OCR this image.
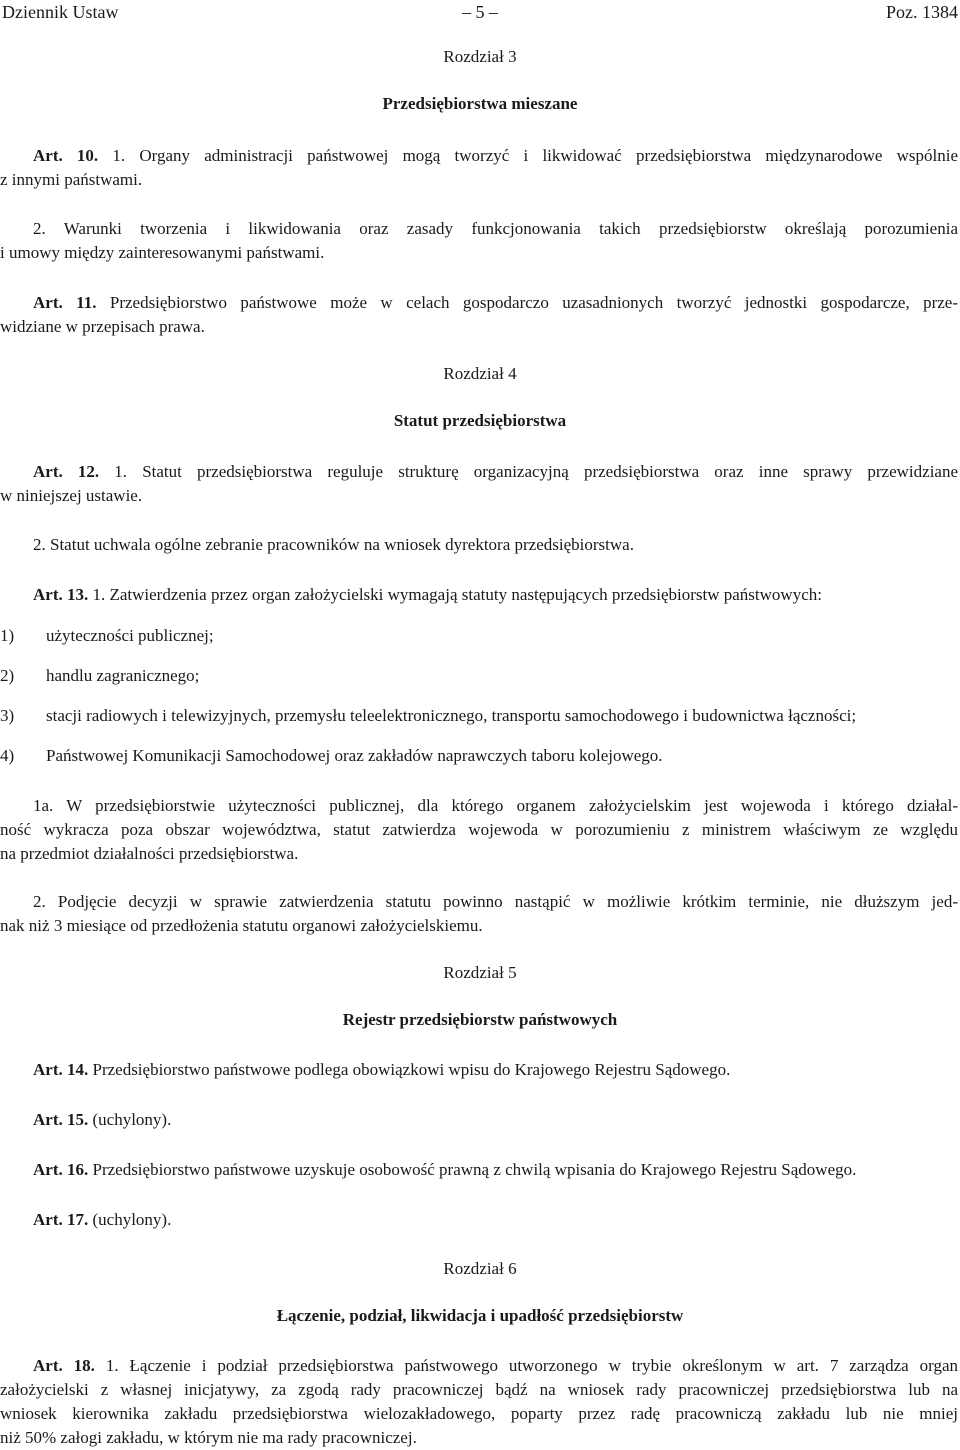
Dziennik Ustaw	– 5 –	Poz. 1384
Rozdział 3
Przedsiębiorstwa mieszane
Art. 10. 1. Organy administracji państwowej mogą tworzyć i likwidować przedsiębiorstwa międzynarodowe wspólnie
z innymi państwami.
2. Warunki tworzenia i likwidowania oraz zasady funkcjonowania takich przedsiębiorstw określają porozumienia
i umowy między zainteresowanymi państwami.
Art. 11. Przedsiębiorstwo państwowe może w celach gospodarczo uzasadnionych tworzyć jednostki gospodarcze, prze-
widziane w przepisach prawa.
Rozdział 4
Statut przedsiębiorstwa
Art. 12. 1. Statut przedsiębiorstwa reguluje strukturę organizacyjną przedsiębiorstwa oraz inne sprawy przewidziane
w niniejszej ustawie.
2. Statut uchwala ogólne zebranie pracowników na wniosek dyrektora przedsiębiorstwa.
Art. 13. 1. Zatwierdzenia przez organ założycielski wymagają statuty następujących przedsiębiorstw państwowych:
1) użyteczności publicznej;
2) handlu zagranicznego;
3) stacji radiowych i telewizyjnych, przemysłu teleelektronicznego, transportu samochodowego i budownictwa łączności;
4) Państwowej Komunikacji Samochodowej oraz zakładów naprawczych taboru kolejowego.
1a. W przedsiębiorstwie użyteczności publicznej, dla którego organem założycielskim jest wojewoda i którego działal-
ność wykracza poza obszar województwa, statut zatwierdza wojewoda w porozumieniu z ministrem właściwym ze względu
na przedmiot działalności przedsiębiorstwa.
2. Podjęcie decyzji w sprawie zatwierdzenia statutu powinno nastąpić w możliwie krótkim terminie, nie dłuższym jed-
nak niż 3 miesiące od przedłożenia statutu organowi założycielskiemu.
Rozdział 5
Rejestr przedsiębiorstw państwowych
Art. 14. Przedsiębiorstwo państwowe podlega obowiązkowi wpisu do Krajowego Rejestru Sądowego.
Art. 15. (uchylony).
Art. 16. Przedsiębiorstwo państwowe uzyskuje osobowość prawną z chwilą wpisania do Krajowego Rejestru Sądowego.
Art. 17. (uchylony).
Rozdział 6
Łączenie, podział, likwidacja i upadłość przedsiębiorstw
Art. 18. 1. Łączenie i podział przedsiębiorstwa państwowego utworzonego w trybie określonym w art. 7 zarządza organ
założycielski z własnej inicjatywy, za zgodą rady pracowniczej bądź na wniosek rady pracowniczej przedsiębiorstwa lub na
wniosek kierownika zakładu przedsiębiorstwa wielozakładowego, poparty przez radę pracowniczą zakładu lub nie mniej
niż 50% załogi zakładu, w którym nie ma rady pracowniczej.
